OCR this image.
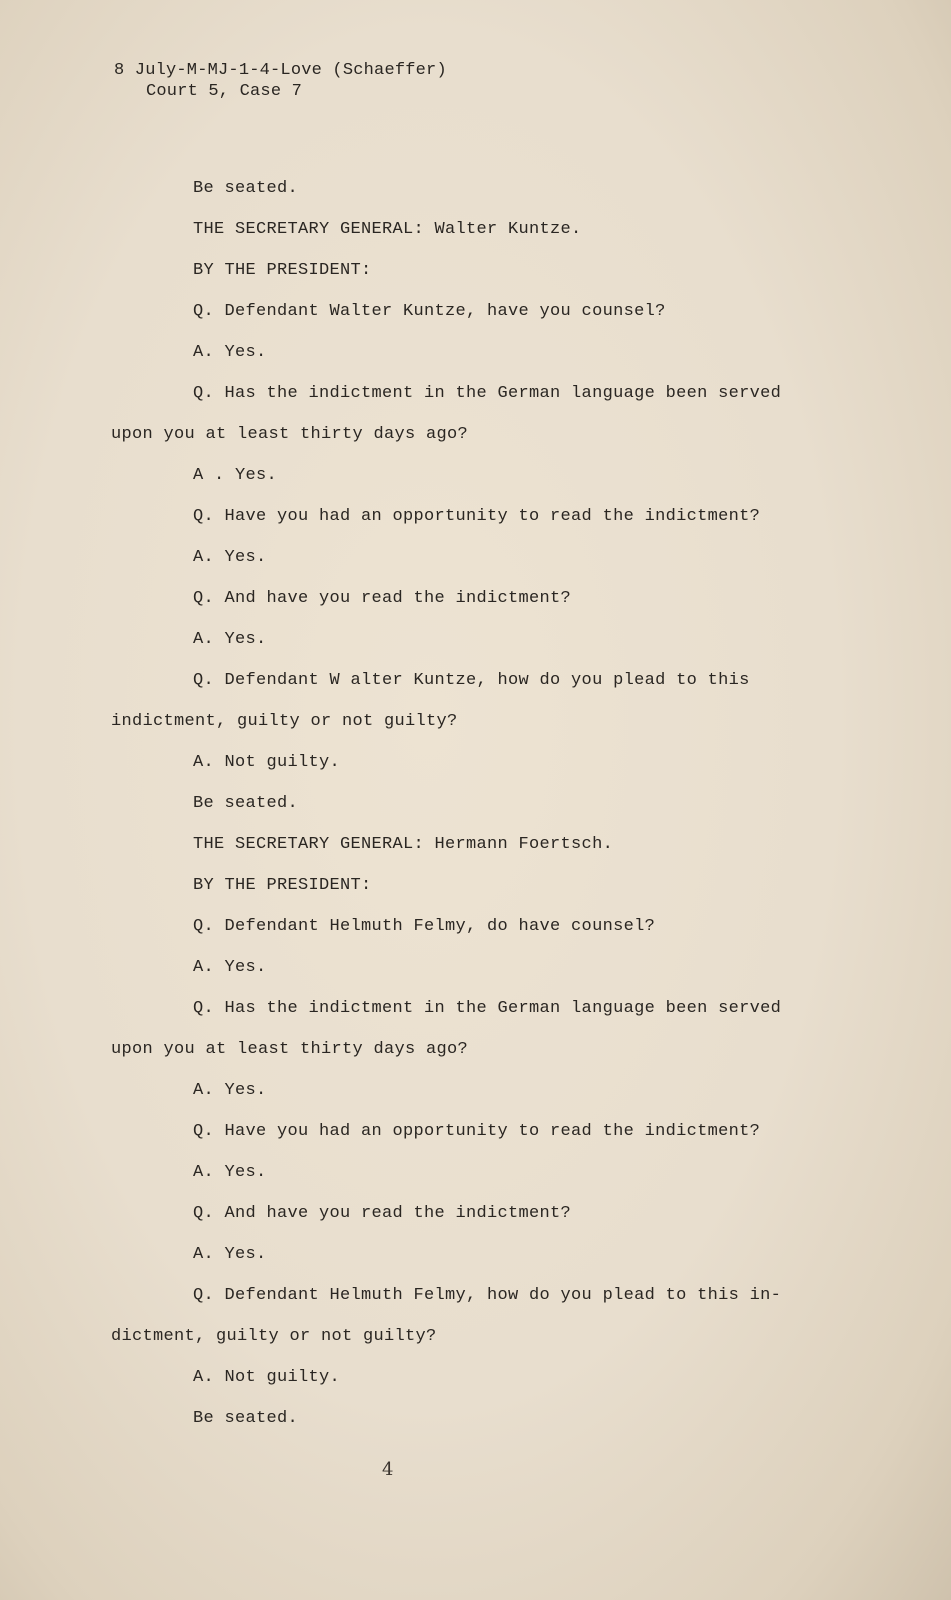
8 July-M-MJ-1-4-Love (Schaeffer)
Court 5, Case 7
Be seated.
THE SECRETARY GENERAL: Walter Kuntze.
BY THE PRESIDENT:
Q. Defendant Walter Kuntze, have you counsel?
A. Yes.
Q. Has the indictment in the German language been served
upon you at least thirty days ago?
A . Yes.
Q. Have you had an opportunity to read the indictment?
A. Yes.
Q. And have you read the indictment?
A. Yes.
Q. Defendant W alter Kuntze, how do you plead to this
indictment, guilty or not guilty?
A. Not guilty.
Be seated.
THE SECRETARY GENERAL: Hermann Foertsch.
BY THE PRESIDENT:
Q. Defendant Helmuth Felmy, do have counsel?
A. Yes.
Q. Has the indictment in the German language been served
upon you at least thirty days ago?
A. Yes.
Q. Have you had an opportunity to read the indictment?
A. Yes.
Q. And have you read the indictment?
A. Yes.
Q. Defendant Helmuth Felmy, how do you plead to this in-
dictment, guilty or not guilty?
A. Not guilty.
Be seated.
4
